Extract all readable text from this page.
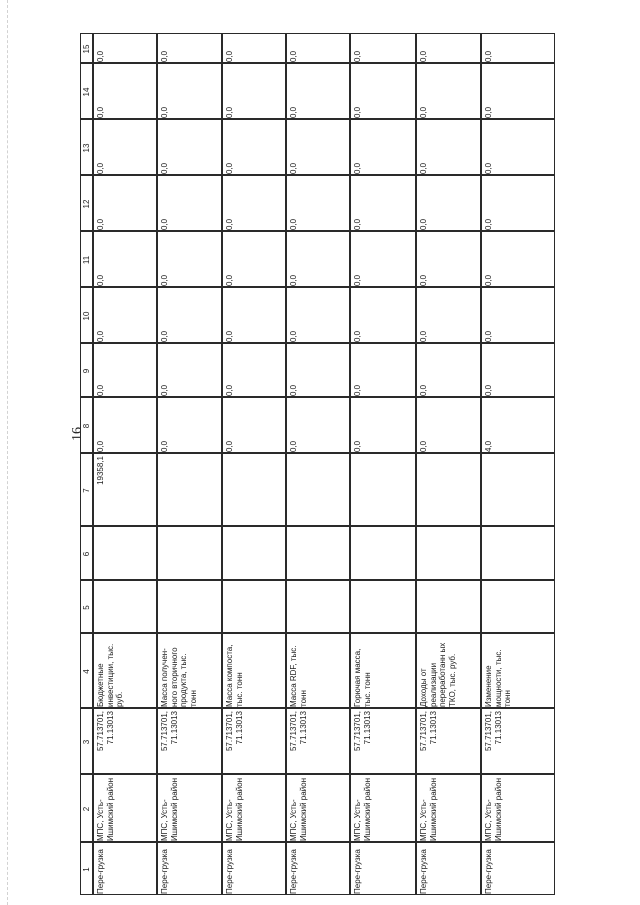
16
1
2
3
4
5
6
7
8
9
10
11
12
13
14
15
Пере-грузка
МПС, Усть-Ишимский район
57.713701, 71.13013
Бюджетные инвестиции, тыс. руб.
19358,1
0,0
0,0
0,0
0,0
0,0
0,0
0,0
0,0
Пере-грузка
МПС, Усть-Ишимский район
57.713701, 71.13013
Масса получен-ного вторичного продукта, тыс. тонн
0,0
0,0
0,0
0,0
0,0
0,0
0,0
0,0
Пере-грузка
МПС, Усть-Ишимский район
57.713701, 71.13013
Масса компоста, тыс. тонн
0,0
0,0
0,0
0,0
0,0
0,0
0,0
0,0
Пере-грузка
МПС, Усть-Ишимский район
57.713701, 71.13013
Масса RDF, тыс. тонн
0,0
0,0
0,0
0,0
0,0
0,0
0,0
0,0
Пере-грузка
МПС, Усть-Ишимский район
57.713701, 71.13013
Горючая масса, тыс. тонн
0,0
0,0
0,0
0,0
0,0
0,0
0,0
0,0
Пере-грузка
МПС, Усть-Ишимский район
57.713701, 71.13013
Доходы от реализации переработанн ых ТКО, тыс. руб.
0,0
0,0
0,0
0,0
0,0
0,0
0,0
0,0
Пере-грузка
МПС, Усть-Ишимский район
57.713701, 71.13013
Изменение мощности, тыс. тонн
4,0
0,0
0,0
0,0
0,0
0,0
0,0
0,0
